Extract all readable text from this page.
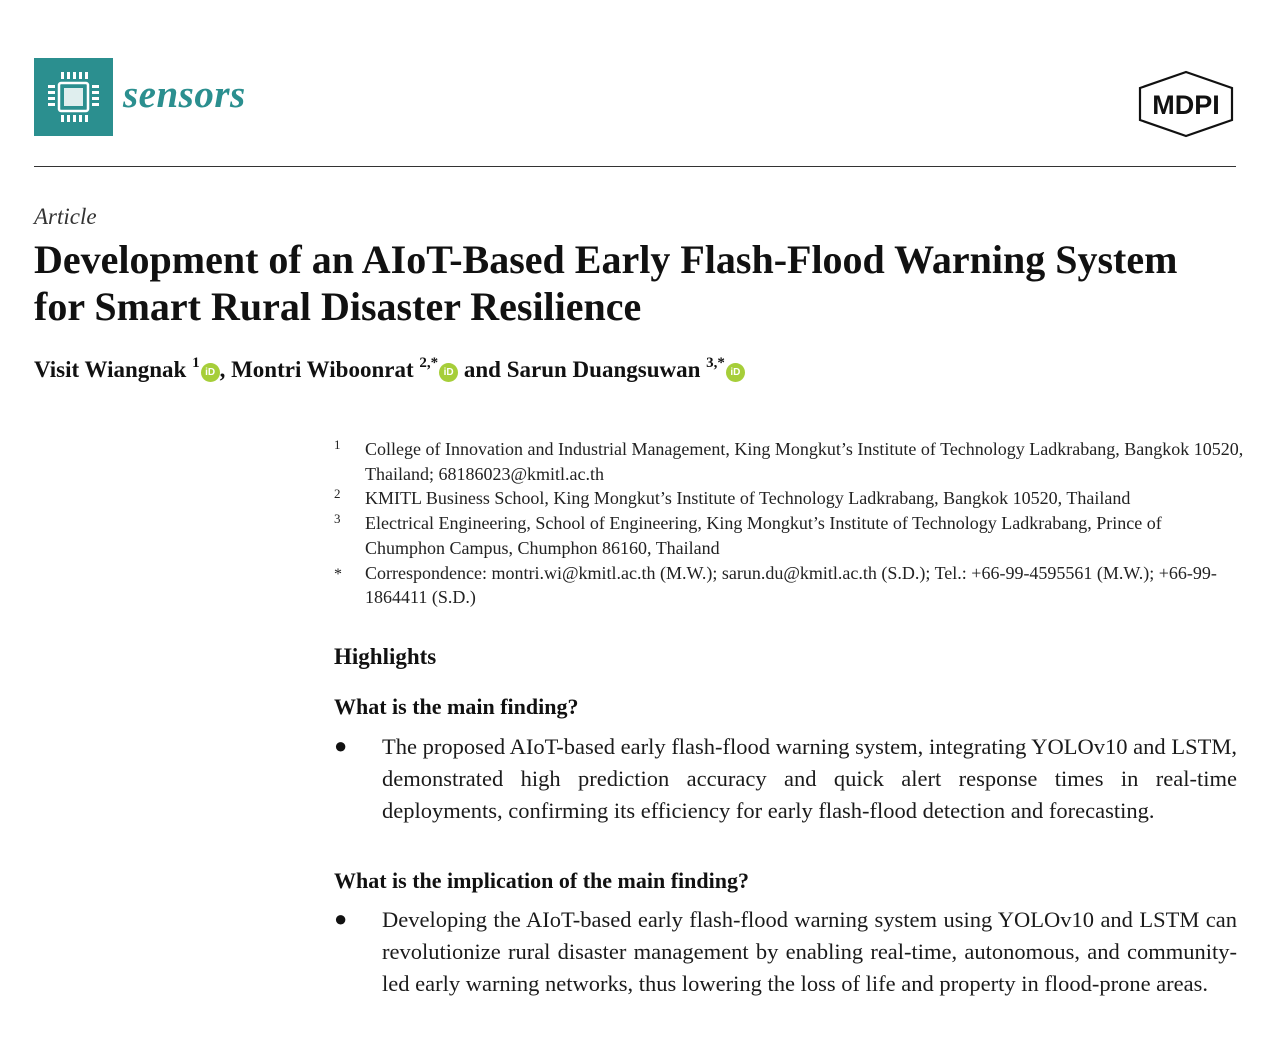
sensors	MDPI
Article
Development of an AIoT-Based Early Flash-Flood Warning System for Smart Rural Disaster Resilience
Visit Wiangnak $^1$iD , Montri Wiboonrat $^{2,*}$iD and Sarun Duangsuwan $^{3,*}$iD
1 College of Innovation and Industrial Management, King Mongkut’s Institute of Technology Ladkrabang, Bangkok 10520, Thailand; 68186023@kmitl.ac.th
2 KMITL Business School, King Mongkut’s Institute of Technology Ladkrabang, Bangkok 10520, Thailand
3 Electrical Engineering, School of Engineering, King Mongkut’s Institute of Technology Ladkrabang, Prince of Chumphon Campus, Chumphon 86160, Thailand
* Correspondence: montri.wi@kmitl.ac.th (M.W.); sarun.du@kmitl.ac.th (S.D.); Tel.: +66-99-4595561 (M.W.); +66-99-1864411 (S.D.)
Highlights
What is the main finding?
● The proposed AIoT-based early flash-flood warning system, integrating YOLOv10 and LSTM, demonstrated high prediction accuracy and quick alert response times in real-time deployments, confirming its efficiency for early flash-flood detection and forecasting.
What is the implication of the main finding?
● Developing the AIoT-based early flash-flood warning system using YOLOv10 and LSTM can revolutionize rural disaster management by enabling real-time, autonomous, and community-led early warning networks, thus lowering the loss of life and property in flood-prone areas.
